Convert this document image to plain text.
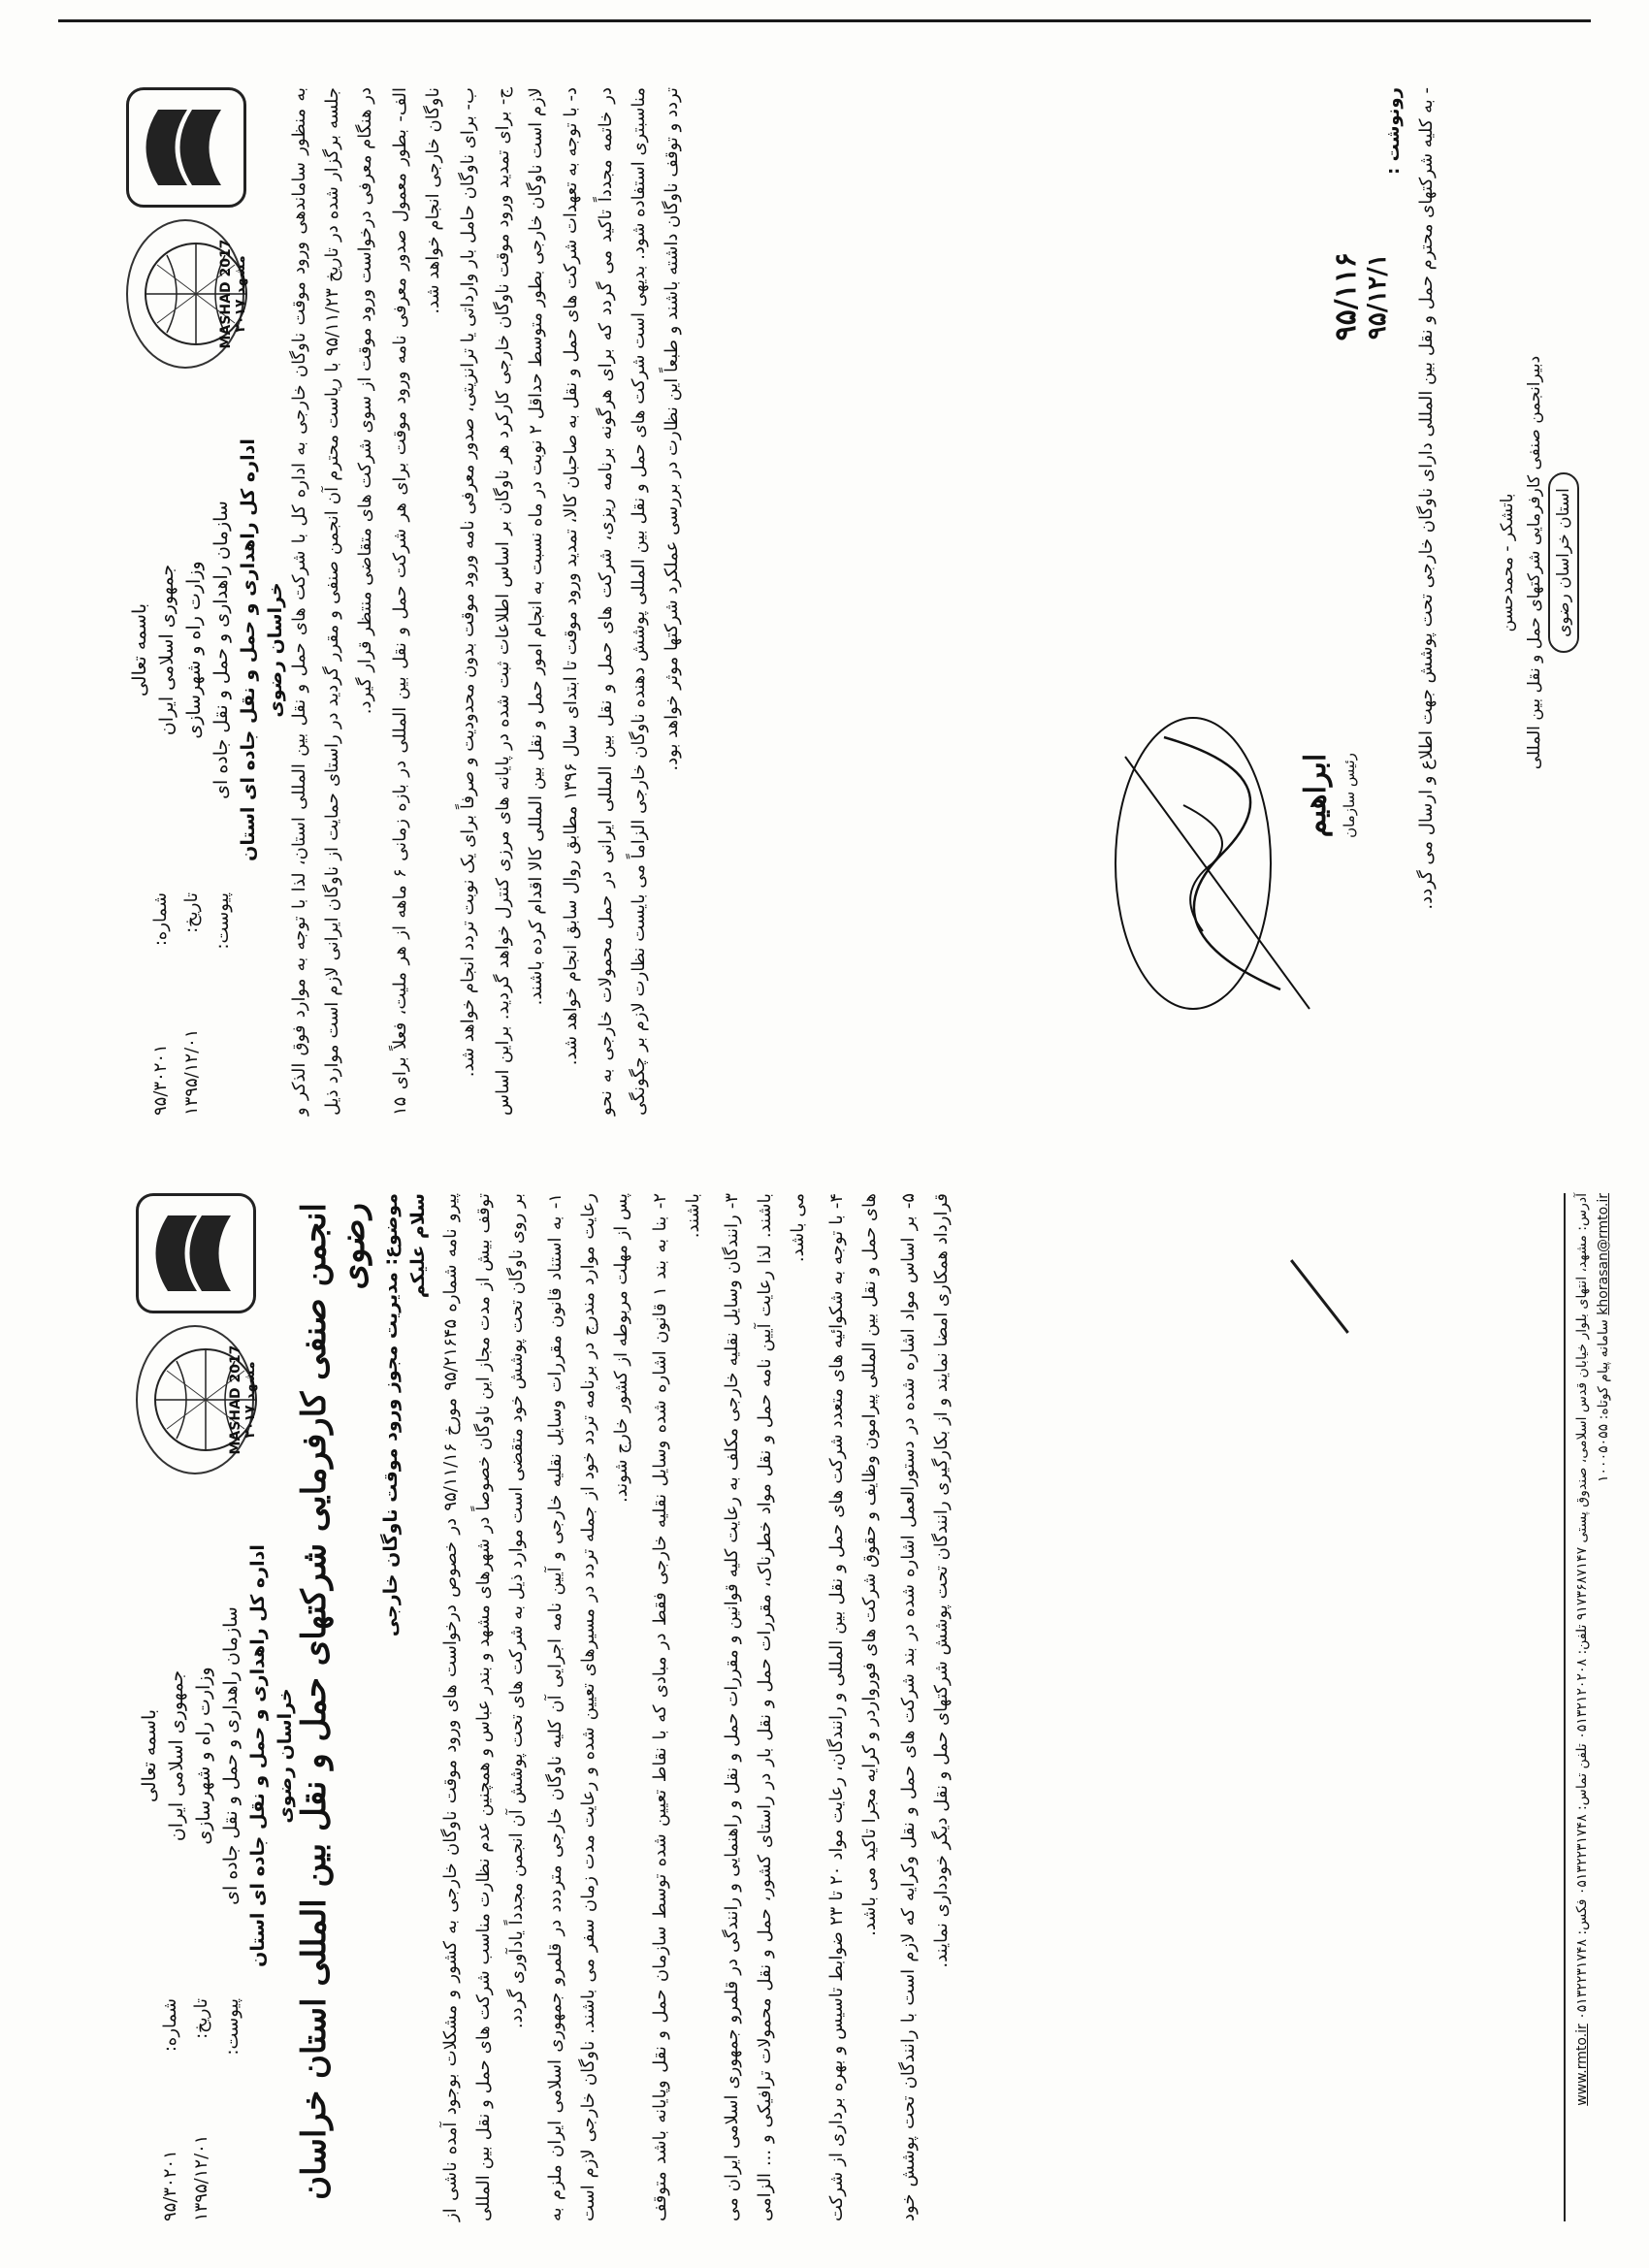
MASHAD 2017 مشهد ۲۰۱۷
باسمه تعالی جمهوری اسلامی ایران وزارت راه و شهرسازی سازمان راهداری و حمل و نقل جاده ای اداره کل راهداری و حمل و نقل جاده ای استان خراسان رضوی
شماره:
۹۵/۳۰۲۰۱
تاریخ:
۱۳۹۵/۱۲/۰۱
پیوست:	به منظور ساماندهی ورود موقت ناوگان خارجی به اداره کل با شرکت های حمل و نقل بین المللی استان، لذا با توجه به موارد فوق الذکر و جلسه برگزار شده در تاریخ ۹۵/۱۱/۲۳ با ریاست محترم آن انجمن صنفی و مقرر گردید در راستای حمایت از ناوگان ایرانی لازم است موارد ذیل در هنگام معرفی درخواست ورود موقت از سوی شرکت های متقاضی منتظر قرار گیرد.

الف- بطور معمول صدور معرفی نامه ورود موقت برای هر شرکت حمل و نقل بین المللی در بازه زمانی ۶ ماهه از هر ملیت، فعلاً برای ۱۵ ناوگان خارجی انجام خواهد شد. ب- برای ناوگان حامل بار وارداتی یا ترانزیتی، صدور معرفی نامه ورود موقت بدون محدودیت و صرفاً برای یک نوبت تردد انجام خواهد شد. ج- برای تمدید ورود موقت ناوگان خارجی کارکرد هر ناوگان بر اساس اطلاعات ثبت شده در پایانه های مرزی کنترل خواهد گردید. براین اساس لازم است ناوگان خارجی بطور متوسط حداقل ۲ نوبت در ماه نسبت به انجام امور حمل و نقل بین المللی کالا اقدام کرده باشند.

د- با توجه به تعهدات شرکت های حمل و نقل به صاحبان کالا، تمدید ورود موقت تا ابتدای سال ۱۳۹۶ مطابق روال سابق انجام خواهد شد. در خاتمه مجدداً تاکید می گردد که برای هرگونه برنامه ریزی، شرکت های حمل و نقل بین المللی ایرانی در حمل محمولات خارجی به نحو مناسبتری استفاده شود. بدیهی است شرکت های حمل و نقل بین المللی پوشش دهنده ناوگان خارجی الزاماً می بایست نظارت لازم بر چگونگی تردد و توقف ناوگان داشته باشند و طبعاً این نظارت در بررسی عملکرد شرکتها موثر خواهد بود.

ابراهیم رئیس سازمان
رونوشت : - به کلیه شرکتهای محترم حمل و نقل بین المللی دارای ناوگان خارجی تحت پوشش جهت اطلاع و ارسال می گردد.
۹۵/۱۱۶ ۹۵/۱۲/۱
باتشکر - محمدحسن دبیرانجمن صنفی کارفرمایی شرکتهای حمل و نقل بین المللی استان خراسان رضوی
MASHAD 2017 مشهد ۲۰۱۷
باسمه تعالی جمهوری اسلامی ایران وزارت راه و شهرسازی سازمان راهداری و حمل و نقل جاده ای اداره کل راهداری و حمل و نقل جاده ای استان خراسان رضوی
شماره:
۹۵/۳۰۲۰۱
تاریخ:
۱۳۹۵/۱۲/۰۱
پیوست: انجمن صنفی کارفرمایی شرکتهای حمل و نقل بین المللی استان خراسان رضوی موضوع: مدیریت مجوز ورود موقت ناوگان خارجی سلام علیکم

پیرو نامه شماره ۹۵/۲۱۶۴۵ مورخ ۹۵/۱۱/۱۶ در خصوص درخواست های ورود موقت ناوگان خارجی به کشور و مشکلات بوجود آمده ناشی از توقف بیش از مدت مجاز این ناوگان خصوصاً در شهرهای مشهد و بندر عباس و همچنین عدم نظارت مناسب شرکت های حمل و نقل بین المللی بر روی ناوگان تحت پوشش خود متقضی است موارد ذیل به شرکت های تحت پوشش آن انجمن مجدداً یادآوری گردد.	۱- به استناد قانون مقررات وسایل نقلیه خارجی و آیین نامه اجرایی آن کلیه ناوگان خارجی مترددد در قلمرو جمهوری اسلامی ایران ملزم به رعایت موارد مندرج در برنامه تردد خود از جمله تردد در مسیرهای تعیین شده و رعایت مدت زمان سفر می باشند. ناوگان خارجی لازم است پس از مهلت مربوطه از کشور خارج شوند.	۲- بنا به بند ۱ قانون اشاره شده وسایل نقلیه خارجی فقط در مبادی که با نقاط تعیین شده توسط سازمان حمل و نقل وپایانه باشد متوقف باشند.	۳- رانندگان وسایل نقلیه خارجی مکلف به رعایت کلیه قوانین و مقررات حمل و نقل و راهنمایی و رانندگی در قلمرو جمهوری اسلامی ایران می باشند. لذا رعایت آیین نامه حمل و نقل مواد خطرناک، مقررات حمل و نقل بار در راستای کشور، حمل و نقل محمولات ترافیکی و ... الزامی می باشد.

۴- با توجه به شکوائیه های متعدد شرکت های حمل و نقل بین المللی و رانندگان، رعایت مواد ۲۰ تا ۲۳ ضوابط تاسیس و بهره برداری از شرکت های حمل و نقل بین المللی پیرامون وظایف و حقوق شرکت های فورواردر و کرایه مجرا تاکید می باشد.	۵- بر اساس مواد اشاره شده در دستورالعمل اشاره شده در بند شرکت های حمل و نقل وکرایه که لازم است با رانندگان تحت پوشش خود قرارداد همکاری امضا نمایند و از بکارگیری رانندگان تحت پوشش شرکتهای حمل و نقل دیگر خودداری نمایند.

آدرس: مشهد، انتهای بلوار خیابان قدس اسلامی، صندوق پستی ۹۱۷۳۶۸۷۱۴۷ تلفن: ۰۵۱۳۲۱۲۰۲۰۸ تلفن تماس: ۰۵۱۳۲۲۳۱۷۴۸ فکس: ۰۵۱۳۲۲۳۱۷۴۸ www.rmto.ir khorasan@rmto.ir سامانه پیام کوتاه: ۱۰۰۰۵۰۵۵
